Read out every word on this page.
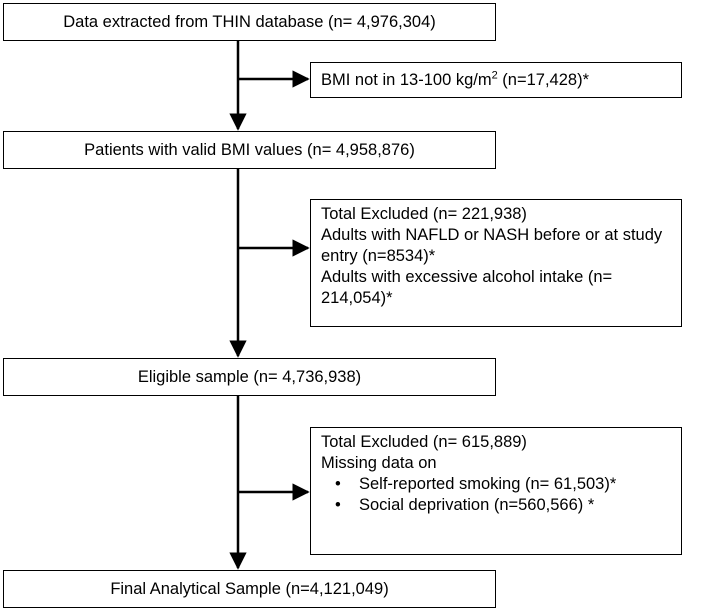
Data extracted from THIN database (n= 4,976,304)
BMI not in 13-100 $kg/m^2$ (n=17,428)*
Patients with valid BMI values (n= 4,958,876)
Total Excluded (n= 221,938)
Adults with NAFLD or NASH before or at study entry (n=8534)*
Adults with excessive alcohol intake (n= 214,054)*
Eligible sample (n= 4,736,938)
Total Excluded (n= 615,889)
Missing data on
•	Self-reported smoking (n= 61,503)*
•	Social deprivation (n=560,566) *
Final Analytical Sample (n=4,121,049)
